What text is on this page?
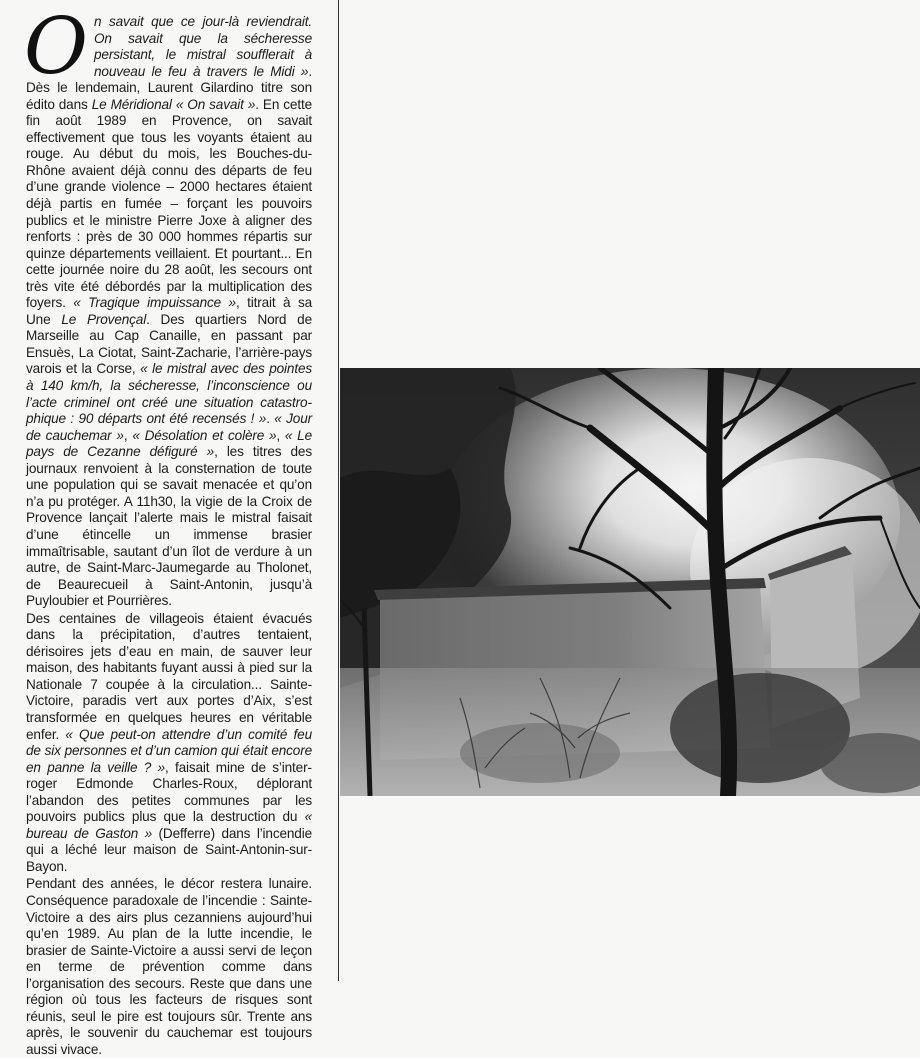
On savait que ce jour-là reviendrait. On savait que la sécheresse persistant, le mistral soufflerait à nouveau le feu à travers le Midi ». Dès le lendemain, Laurent Gilardino titre son édito dans Le Méridional « On savait ». En cette fin août 1989 en Provence, on savait effectivement que tous les voyants étaient au rouge. Au début du mois, les Bouches-du-Rhône avaient déjà connu des départs de feu d’une grande violence – 2000 hectares étaient déjà partis en fumée – forçant les pouvoirs publics et le ministre Pierre Joxe à aligner des renforts : près de 30 000 hommes répartis sur quinze départements veillaient. Et pourtant... En cette journée noire du 28 août, les secours ont très vite été débordés par la multiplication des foyers. « Tragique impuissance », titrait à sa Une Le Provençal. Des quartiers Nord de Marseille au Cap Canaille, en passant par Ensuès, La Ciotat, Saint-Zacharie, l’arrière-pays varois et la Corse, « le mistral avec des pointes à 140 km/h, la sécheresse, l’inconscience ou l’acte criminel ont créé une situation catastrophique : 90 départs ont été recensés ! ». « Jour de cauchemar », « Désolation et colère », « Le pays de Cezanne défiguré », les titres des journaux renvoient à la consternation de toute une population qui se savait menacée et qu’on n’a pu protéger. A 11h30, la vigie de la Croix de Provence lançait l’alerte mais le mistral faisait d’une étincelle un immense brasier immaîtrisable, sautant d’un îlot de verdure à un autre, de Saint-Marc-Jaumegarde au Tholonet, de Beaurecueil à Saint-Antonin, jusqu’à Puyloubier et Pourrières.

Des centaines de villageois étaient évacués dans la précipitation, d’autres tentaient, dérisoires jets d’eau en main, de sauver leur maison, des habitants fuyant aussi à pied sur la Nationale 7 coupée à la circulation... Sainte-Victoire, paradis vert aux portes d’Aix, s’est transformée en quelques heures en véritable enfer. « Que peut-on attendre d’un comité feu de six personnes et d’un camion qui était encore en panne la veille ? », faisait mine de s’interroger Edmonde Charles-Roux, déplorant l’abandon des petites communes par les pouvoirs publics plus que la destruction du « bureau de Gaston » (Defferre) dans l’incendie qui a léché leur maison de Saint-Antonin-sur-Bayon.

Pendant des années, le décor restera lunaire. Conséquence paradoxale de l’incendie : Sainte-Victoire a des airs plus cezanniens aujourd’hui qu’en 1989. Au plan de la lutte incendie, le brasier de Sainte-Victoire a aussi servi de leçon en terme de prévention comme dans l’organisation des secours. Reste que dans une région où tous les facteurs de risques sont réunis, seul le pire est toujours sûr. Trente ans après, le souvenir du cauchemar est toujours aussi vivace.
